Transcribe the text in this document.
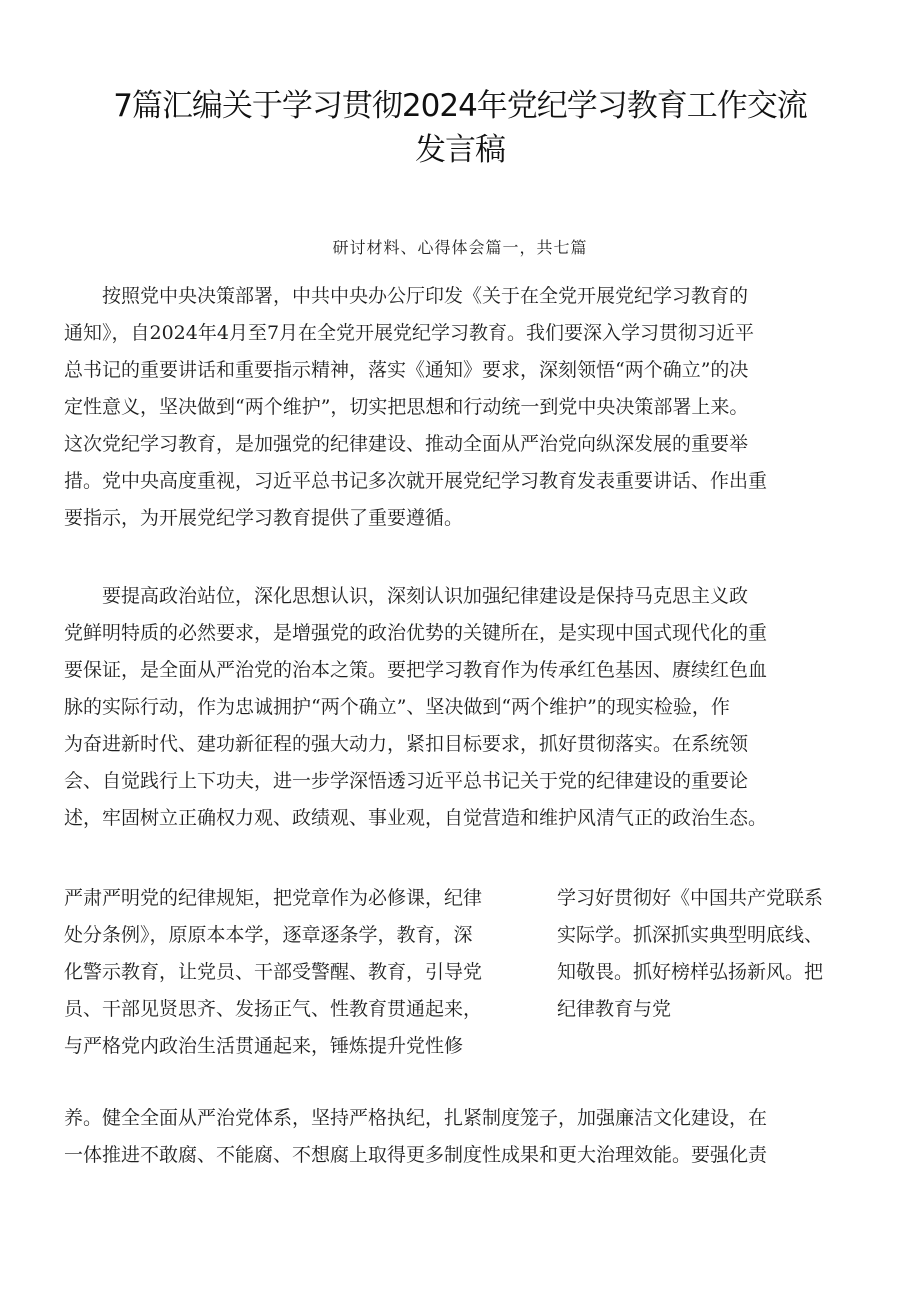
7篇汇编关于学习贯彻2024年党纪学习教育工作交流
发言稿
研讨材料、心得体会篇一，共七篇
　　按照党中央决策部署，中共中央办公厅印发《关于在全党开展党纪学习教育的
通知》，自2024年4月至7月在全党开展党纪学习教育。我们要深入学习贯彻习近平
总书记的重要讲话和重要指示精神，落实《通知》要求，深刻领悟“两个确立”的决
定性意义，坚决做到“两个维护”，切实把思想和行动统一到党中央决策部署上来。
这次党纪学习教育，是加强党的纪律建设、推动全面从严治党向纵深发展的重要举
措。党中央高度重视，习近平总书记多次就开展党纪学习教育发表重要讲话、作出重
要指示，为开展党纪学习教育提供了重要遵循。
　　要提高政治站位，深化思想认识，深刻认识加强纪律建设是保持马克思主义政
党鲜明特质的必然要求，是增强党的政治优势的关键所在，是实现中国式现代化的重
要保证，是全面从严治党的治本之策。要把学习教育作为传承红色基因、赓续红色血
脉的实际行动，作为忠诚拥护“两个确立”、坚决做到“两个维护”的现实检验，作
为奋进新时代、建功新征程的强大动力，紧扣目标要求，抓好贯彻落实。在系统领
会、自觉践行上下功夫，进一步学深悟透习近平总书记关于党的纪律建设的重要论
述，牢固树立正确权力观、政绩观、事业观，自觉营造和维护风清气正的政治生态。
严肃严明党的纪律规矩，把党章作为必修课，纪律
处分条例》，原原本本学，逐章逐条学，教育，深
化警示教育，让党员、干部受警醒、教育，引导党
员、干部见贤思齐、发扬正气、性教育贯通起来，
与严格党内政治生活贯通起来，锤炼提升党性修
学习好贯彻好《中国共产党联系
实际学。抓深抓实典型明底线、
知敬畏。抓好榜样弘扬新风。把
纪律教育与党
养。健全全面从严治党体系，坚持严格执纪，扎紧制度笼子，加强廉洁文化建设，在
一体推进不敢腐、不能腐、不想腐上取得更多制度性成果和更大治理效能。要强化责
